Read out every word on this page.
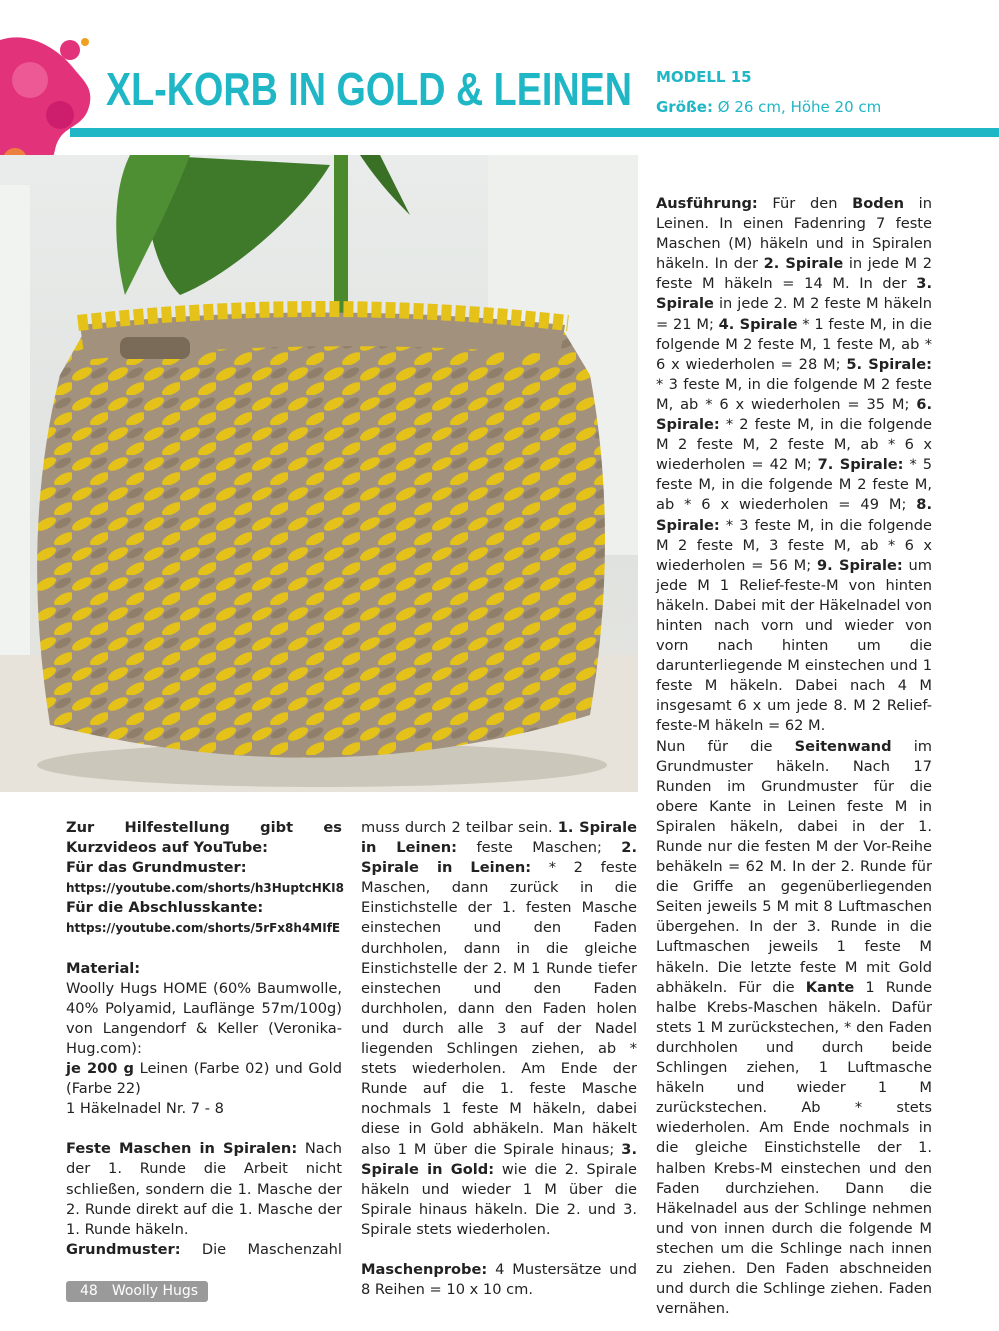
XL-KORB IN GOLD & LEINEN MODELL 15
Größe: Ø 26 cm, Höhe 20 cm

Zur Hilfestellung gibt es Kurzvideos auf YouTube:

Für das Grundmuster:

https://youtube.com/shorts/h3HuptcHKI8

Für die Abschlusskante:

https://youtube.com/shorts/5rFx8h4MIfE

Material:

Woolly Hugs HOME (60% Baumwolle, 40% Polyamid, Lauflänge 57m/100g) von Langendorf & Keller (Veronika-Hug.com):

je 200 g Leinen (Farbe 02) und Gold (Farbe 22)

1 Häkelnadel Nr. 7 - 8

Feste Maschen in Spiralen: Nach der 1. Runde die Arbeit nicht schließen, sondern die 1. Masche der 2. Runde direkt auf die 1. Masche der 1. Runde häkeln.

Grundmuster: Die Maschenzahl

muss durch 2 teilbar sein. 1. Spirale in Leinen: feste Maschen; 2. Spirale in Leinen: * 2 feste Maschen, dann zurück in die Einstichstelle der 1. festen Masche einstechen und den Faden durchholen, dann in die gleiche Einstichstelle der 2. M 1 Runde tiefer einstechen und den Faden durchholen, dann den Faden holen und durch alle 3 auf der Nadel liegenden Schlingen ziehen, ab * stets wiederholen. Am Ende der Runde auf die 1. feste Masche nochmals 1 feste M häkeln, dabei diese in Gold abhäkeln. Man häkelt also 1 M über die Spirale hinaus; 3. Spirale in Gold: wie die 2. Spirale häkeln und wieder 1 M über die Spirale hinaus häkeln. Die 2. und 3. Spirale stets wiederholen.

Maschenprobe: 4 Mustersätze und 8 Reihen = 10 x 10 cm.

Ausführung: Für den Boden in Leinen. In einen Fadenring 7 feste Maschen (M) häkeln und in Spiralen häkeln. In der 2. Spirale in jede M 2 feste M häkeln = 14 M. In der 3. Spirale in jede 2. M 2 feste M häkeln = 21 M; 4. Spirale * 1 feste M, in die folgende M 2 feste M, 1 feste M, ab * 6 x wiederholen = 28 M; 5. Spirale: * 3 feste M, in die folgende M 2 feste M, ab * 6 x wiederholen = 35 M; 6. Spirale: * 2 feste M, in die folgende M 2 feste M, 2 feste M, ab * 6 x wiederholen = 42 M; 7. Spirale: * 5 feste M, in die folgende M 2 feste M, ab * 6 x wiederholen = 49 M; 8. Spirale: * 3 feste M, in die folgende M 2 feste M, 3 feste M, ab * 6 x wiederholen = 56 M; 9. Spirale: um jede M 1 Relief-feste-M von hinten häkeln. Dabei mit der Häkelnadel von hinten nach vorn und wieder von vorn nach hinten um die darunterliegende M einstechen und 1 feste M häkeln. Dabei nach 4 M insgesamt 6 x um jede 8. M 2 Relief-feste-M häkeln = 62 M.

Nun für die Seitenwand im Grundmuster häkeln. Nach 17 Runden im Grundmuster für die obere Kante in Leinen feste M in Spiralen häkeln, dabei in der 1. Runde nur die festen M der Vor-Reihe behäkeln = 62 M. In der 2. Runde für die Griffe an gegenüberliegenden Seiten jeweils 5 M mit 8 Luftmaschen übergehen. In der 3. Runde in die Luftmaschen jeweils 1 feste M häkeln. Die letzte feste M mit Gold abhäkeln. Für die Kante 1 Runde halbe Krebs-Maschen häkeln. Dafür stets 1 M zurückstechen, * den Faden durchholen und durch beide Schlingen ziehen, 1 Luftmasche häkeln und wieder 1 M zurückstechen. Ab * stets wiederholen. Am Ende nochmals in die gleiche Einstichstelle der 1. halben Krebs-M einstechen und den Faden durchziehen. Dann die Häkelnadel aus der Schlinge nehmen und von innen durch die folgende M stechen um die Schlinge nach innen zu ziehen. Den Faden abschneiden und durch die Schlinge ziehen. Faden vernähen.

48 Woolly Hugs
